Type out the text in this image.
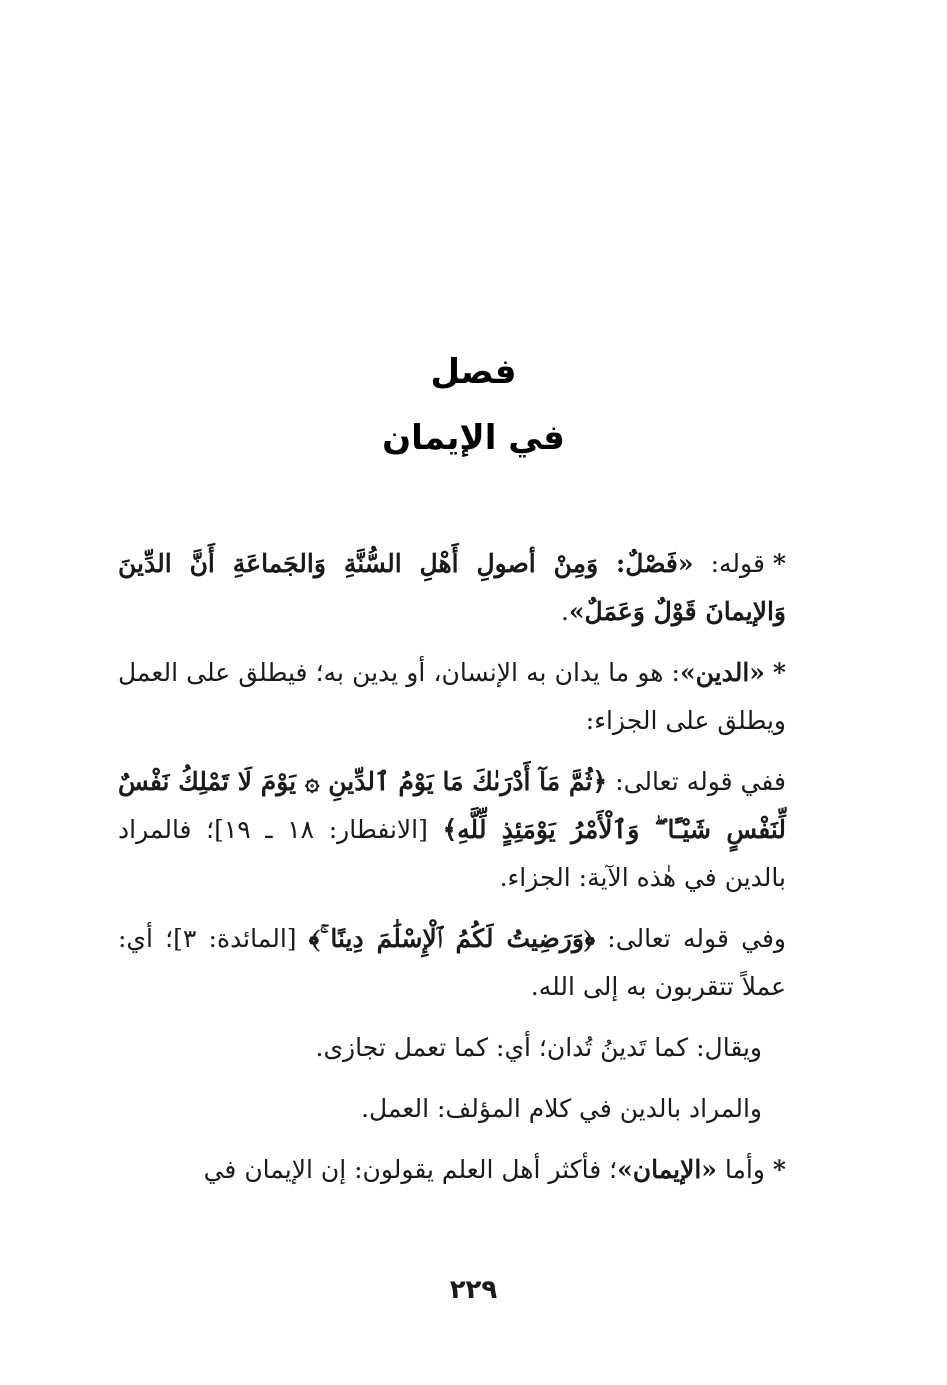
فصل
في الإيمان

*قوله: «فَصْلٌ: وَمِنْ أصولِ أَهْلِ السُّنَّةِ وَالجَماعَةِ أَنَّ الدِّينَ وَالإيمانَ قَوْلٌ وَعَمَلٌ».

*«الدين»: هو ما يدان به الإنسان، أو يدين به؛ فيطلق على العمل ويطلق على الجزاء:

ففي قوله تعالى: ﴿ثُمَّ مَآ أَدْرَىٰكَ مَا يَوْمُ ٱلدِّينِ ۞ يَوْمَ لَا تَمْلِكُ نَفْسٌ لِّنَفْسٍ شَيْـًٔا ۖ وَٱلْأَمْرُ يَوْمَئِذٍ لِّلَّهِ﴾ [الانفطار: ١٨ ـ ١٩]؛ فالمراد بالدين في هٰذه الآية: الجزاء.

وفي قوله تعالى: ﴿وَرَضِيتُ لَكُمُ ٱلْإِسْلَٰمَ دِينًا ۚ﴾ [المائدة: ٣]؛ أي: عملاً تتقربون به إلى الله.

ويقال: كما تَدينُ تُدان؛ أي: كما تعمل تجازى.

والمراد بالدين في كلام المؤلف: العمل.

*وأما «الإيمان»؛ فأكثر أهل العلم يقولون: إن الإيمان في

٢٢٩
